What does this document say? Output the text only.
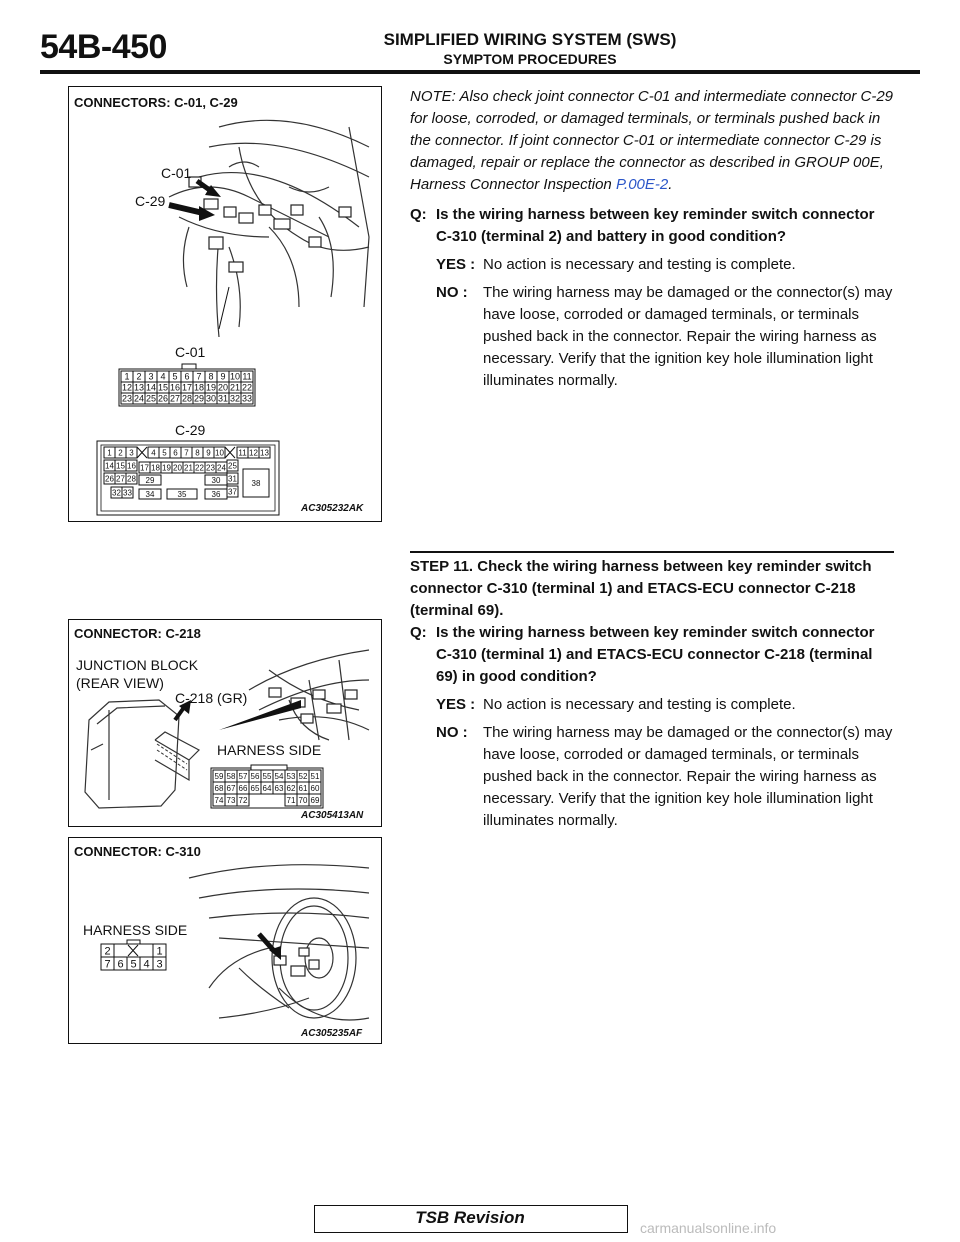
54B-450	SIMPLIFIED WIRING SYSTEM (SWS)
SYMPTOM PROCEDURES
1 2 3 4 5 6 7 8 9 10 11
12 13 14 15 16 17 18 19 20 21 22
23 24 25 26 27 28 29 30 31 32 33
1 2 3 4 5 6 7 8 9 10 11 12 13
14 15 16 17 18 19 20 21 22 23 24 25
26 27 28 29	30 31
32 33 34	35	36 37
38
CONNECTORS: C-01, C-29
C-01
C-29
C-01
C-29
AC305232AK
NOTE: Also check joint connector C-01 and intermediate connector C-29 for loose, corroded, or damaged terminals, or terminals pushed back in the connector. If joint connector C-01 or intermediate connector C-29 is damaged, repair or replace the connector as described in GROUP 00E, Harness Connector Inspection P.00E-2.
Q: Is the wiring harness between key reminder switch connector C-310 (terminal 2) and battery in good condition?
YES : No action is necessary and testing is complete.
NO :	The wiring harness may be damaged or the connector(s) may have loose, corroded or damaged terminals, or terminals pushed back in the connector. Repair the wiring harness as necessary. Verify that the ignition key hole illumination light illuminates normally.
STEP 11. Check the wiring harness between key reminder switch connector C-310 (terminal 1) and ETACS-ECU connector C-218 (terminal 69).
Q: Is the wiring harness between key reminder switch connector C-310 (terminal 1) and ETACS-ECU connector C-218 (terminal 69) in good condition?
YES : No action is necessary and testing is complete.
NO :	The wiring harness may be damaged or the connector(s) may have loose, corroded or damaged terminals, or terminals pushed back in the connector. Repair the wiring harness as necessary. Verify that the ignition key hole illumination light illuminates normally.
59 58 57 56 55 54 53 52 51
68 67 66 65 64 63 62 61 60
74 73 72	71 70 69
CONNECTOR: C-218
JUNCTION BLOCK
(REAR VIEW)
C-218 (GR)
HARNESS SIDE
AC305413AN
2	1
7 6 5 4 3
CONNECTOR: C-310
HARNESS SIDE
AC305235AF
TSB Revision
carmanualsonline.info
